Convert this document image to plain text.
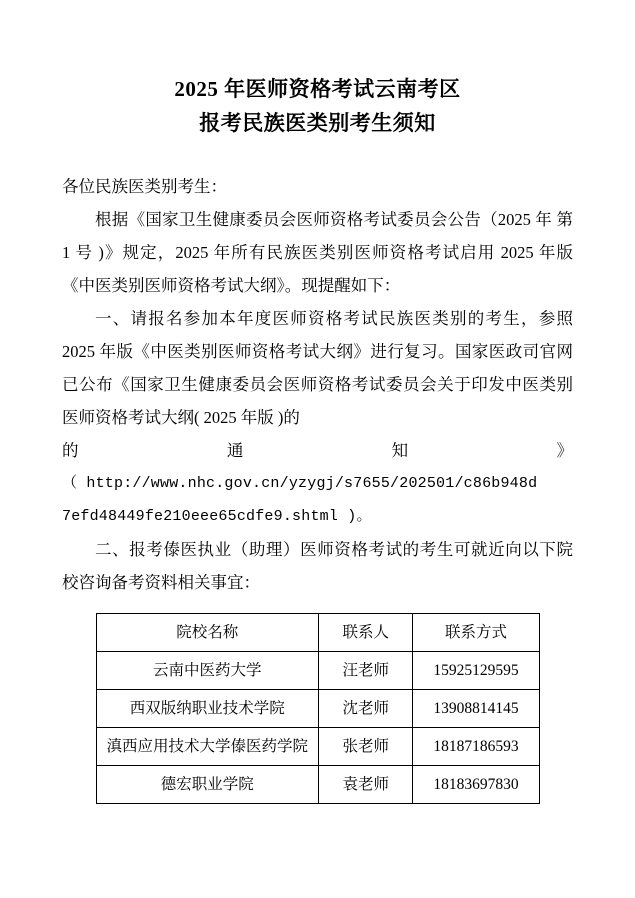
2025 年医师资格考试云南考区
报考民族医类别考生须知

各位民族医类别考生：

根据《国家卫生健康委员会医师资格考试委员会公告（2025 年 第 1 号 )》规定，2025 年所有民族医类别医师资格考试启用 2025 年版《中医类别医师资格考试大纲》。现提醒如下：

一、请报名参加本年度医师资格考试民族医类别的考生，参照 2025 年版《中医类别医师资格考试大纲》进行复习。国家医政司官网已公布《国家卫生健康委员会医师资格考试委员会关于印发中医类别医师资格考试大纲( 2025 年版 )的

的 通 知 》

（ http://www.nhc.gov.cn/yzygj/s7655/202501/c86b948d

7efd48449fe210eee65cdfe9.shtml )。

二、报考傣医执业（助理）医师资格考试的考生可就近向以下院校咨询备考资料相关事宜：

院校名称	联系人	联系方式
云南中医药大学	汪老师	15925129595
西双版纳职业技术学院	沈老师	13908814145
滇西应用技术大学傣医药学院	张老师	18187186593
德宏职业学院	袁老师	18183697830
